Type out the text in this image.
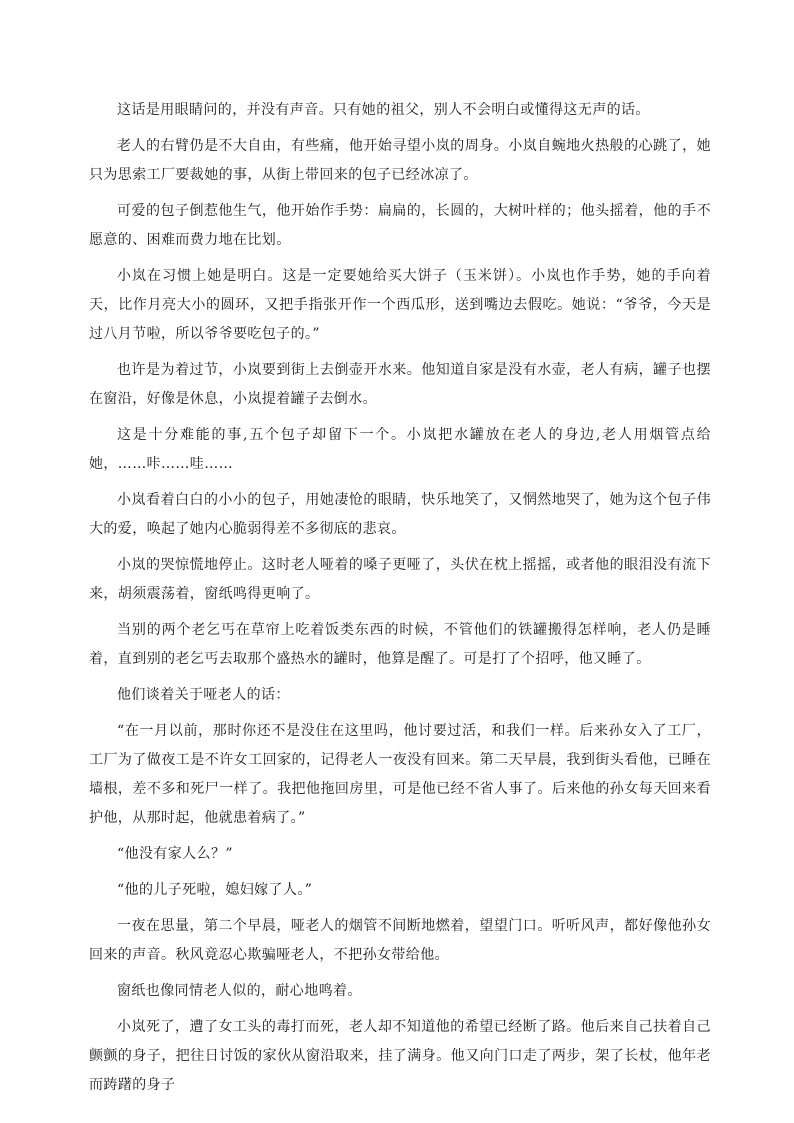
这话是用眼睛问的，并没有声音。只有她的祖父，别人不会明白或懂得这无声的话。

老人的右臂仍是不大自由，有些痛，他开始寻望小岚的周身。小岚自蜿地火热般的心跳了，她只为思索工厂要裁她的事，从街上带回来的包子已经冰凉了。

可爱的包子倒惹他生气，他开始作手势：扁扁的，长圆的，大树叶样的；他头摇着，他的手不愿意的、困难而费力地在比划。

小岚在习惯上她是明白。这是一定要她给买大饼子（玉米饼）。小岚也作手势，她的手向着天，比作月亮大小的圆环，又把手指张开作一个西瓜形，送到嘴边去假吃。她说：“爷爷，今天是过八月节啦，所以爷爷要吃包子的。”

也许是为着过节，小岚要到街上去倒壶开水来。他知道自家是没有水壶，老人有病，罐子也摆在窗沿，好像是休息，小岚提着罐子去倒水。

这是十分难能的事,五个包子却留下一个。小岚把水罐放在老人的身边,老人用烟管点给她，……咔……哇……

小岚看着白白的小小的包子，用她凄怆的眼睛，快乐地笑了，又惘然地哭了，她为这个包子伟大的爱，唤起了她内心脆弱得差不多彻底的悲哀。

小岚的哭惊慌地停止。这时老人哑着的嗓子更哑了，头伏在枕上摇摇，或者他的眼泪没有流下来，胡须震荡着，窗纸鸣得更响了。

当别的两个老乞丐在草帘上吃着饭类东西的时候，不管他们的铁罐搬得怎样响，老人仍是睡着，直到别的老乞丐去取那个盛热水的罐时，他算是醒了。可是打了个招呼，他又睡了。

他们谈着关于哑老人的话：

“在一月以前，那时你还不是没住在这里吗，他讨要过活，和我们一样。后来孙女入了工厂，工厂为了做夜工是不许女工回家的，记得老人一夜没有回来。第二天早晨，我到街头看他，已睡在墙根，差不多和死尸一样了。我把他拖回房里，可是他已经不省人事了。后来他的孙女每天回来看护他，从那时起，他就患着病了。”

“他没有家人么？”

“他的儿子死啦，媳妇嫁了人。”

一夜在思量，第二个早晨，哑老人的烟管不间断地燃着，望望门口。听听风声，都好像他孙女回来的声音。秋风竟忍心欺骗哑老人，不把孙女带给他。

窗纸也像同情老人似的，耐心地鸣着。

小岚死了，遭了女工头的毒打而死，老人却不知道他的希望已经断了路。他后来自己扶着自己颤颤的身子，把往日讨饭的家伙从窗沿取来，挂了满身。他又向门口走了两步，架了长杖，他年老而踌躇的身子
